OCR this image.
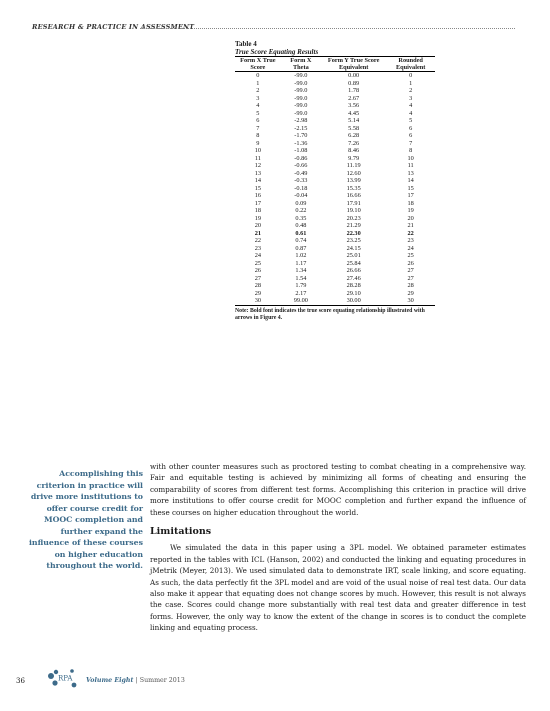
RESEARCH & PRACTICE IN ASSESSMENT
Table 4
True Score Equating Results
Form X True Score	Form X Theta	Form Y True Score Equivalent	Rounded Equivalent
0	-99.0	0.00	0
1	-99.0	0.89	1
2	-99.0	1.78	2
3	-99.0	2.67	3
4	-99.0	3.56	4
5	-99.0	4.45	4
6	-2.98	5.14	5
7	-2.15	5.58	6
8	-1.70	6.28	6
9	-1.36	7.26	7
10	-1.08	8.46	8
11	-0.86	9.79	10
12	-0.66	11.19	11
13	-0.49	12.60	13
14	-0.33	13.99	14
15	-0.18	15.35	15
16	-0.04	16.66	17
17	0.09	17.91	18
18	0.22	19.10	19
19	0.35	20.23	20
20	0.48	21.29	21
21	0.61	22.30	22
22	0.74	23.25	23
23	0.87	24.15	24
24	1.02	25.01	25
25	1.17	25.84	26
26	1.34	26.66	27
27	1.54	27.46	27
28	1.79	28.28	28
29	2.17	29.10	29
30	99.00	30.00	30
Note: Bold font indicates the true score equating relationship illustrated with arrows in Figure 4.
Accomplishing this criterion in practice will drive more institutions to offer course credit for MOOC completion and further expand the influence of these courses on higher education throughout the world.

with other counter measures such as proctored testing to combat cheating in a comprehensive way. Fair and equitable testing is achieved by minimizing all forms of cheating and ensuring the comparability of scores from different test forms. Accomplishing this criterion in practice will drive more institutions to offer course credit for MOOC completion and further expand the influence of these courses on higher education throughout the world.

Limitations

We simulated the data in this paper using a 3PL model. We obtained parameter estimates reported in the tables with ICL (Hanson, 2002) and conducted the linking and equating procedures in jMetrik (Meyer, 2013). We used simulated data to demonstrate IRT, scale linking, and score equating. As such, the data perfectly fit the 3PL model and are void of the usual noise of real test data. Our data also make it appear that equating does not change scores by much. However, this result is not always the case. Scores could change more substantially with real test data and greater difference in test forms. However, the only way to know the extent of the change in scores is to conduct the complete linking and equating process.

36	RPA Volume Eight | Summer 2013
